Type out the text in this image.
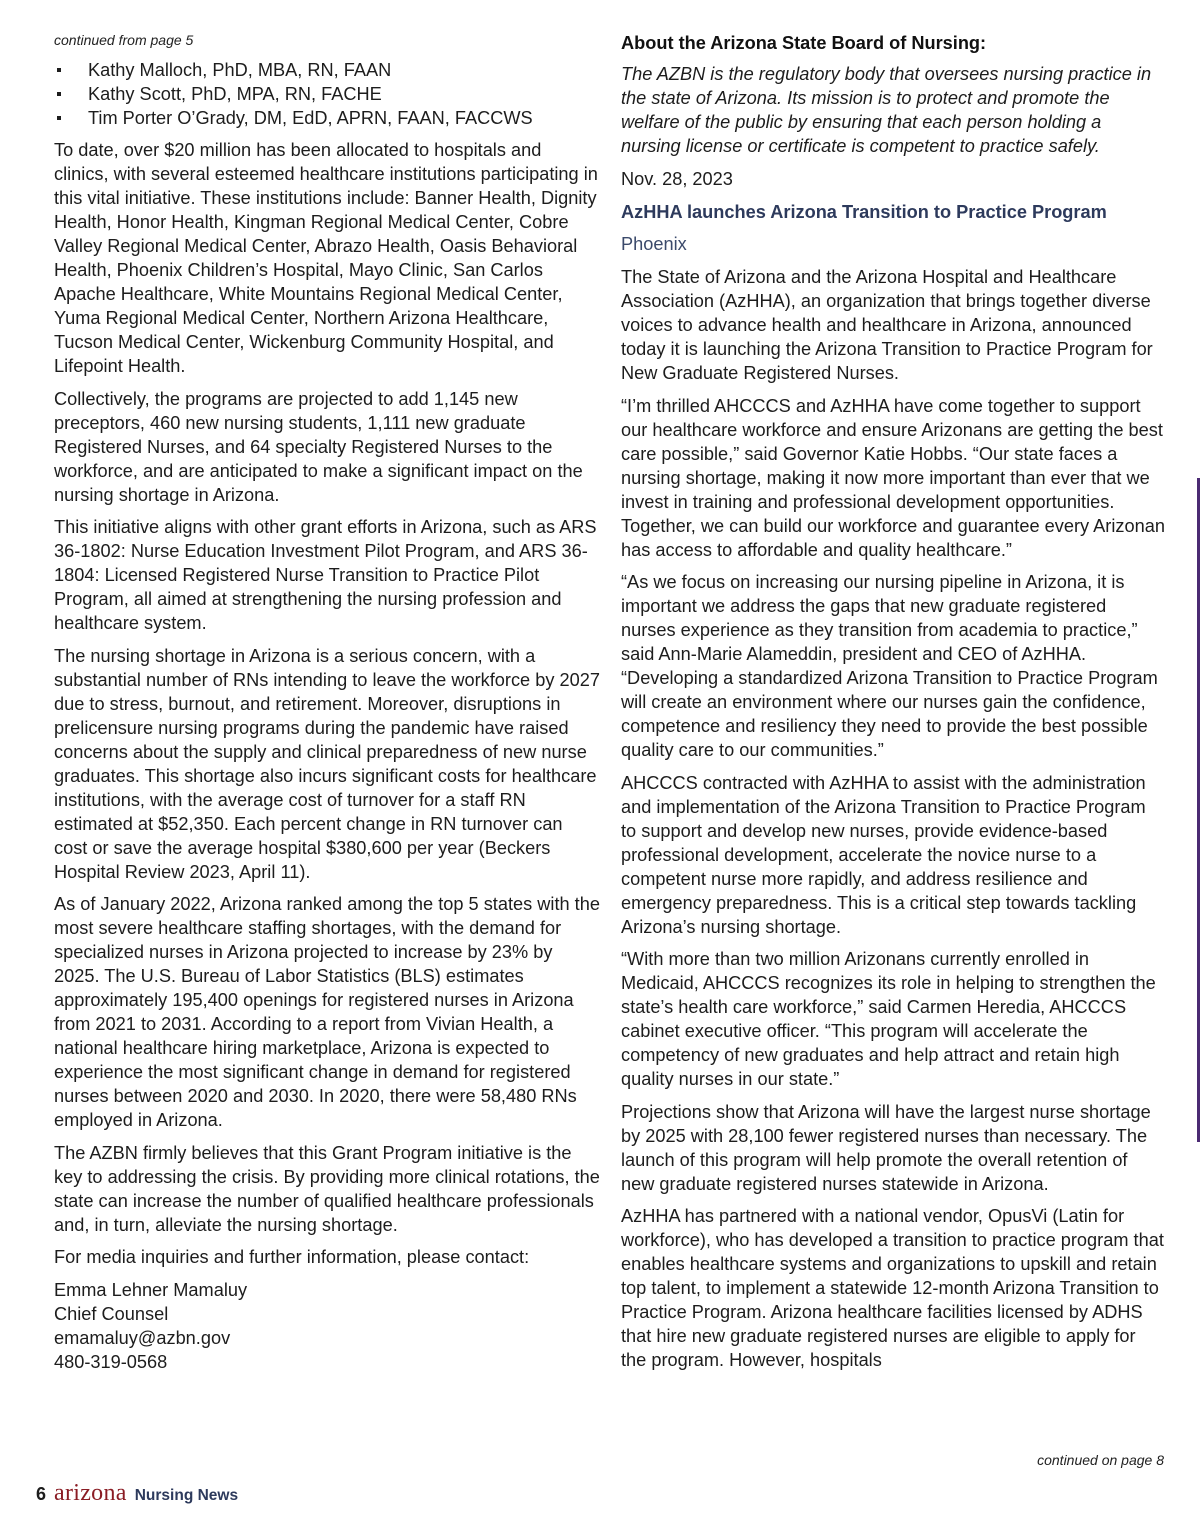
continued from page 5
Kathy Malloch, PhD, MBA, RN, FAAN
Kathy Scott, PhD, MPA, RN, FACHE
Tim Porter O’Grady, DM, EdD, APRN, FAAN, FACCWS

To date, over $20 million has been allocated to hospitals and clinics, with several esteemed healthcare institutions participating in this vital initiative. These institutions include: Banner Health, Dignity Health, Honor Health, Kingman Regional Medical Center, Cobre Valley Regional Medical Center, Abrazo Health, Oasis Behavioral Health, Phoenix Children’s Hospital, Mayo Clinic, San Carlos Apache Healthcare, White Mountains Regional Medical Center, Yuma Regional Medical Center, Northern Arizona Healthcare, Tucson Medical Center, Wickenburg Community Hospital, and Lifepoint Health.

Collectively, the programs are projected to add 1,145 new preceptors, 460 new nursing students, 1,111 new graduate Registered Nurses, and 64 specialty Registered Nurses to the workforce, and are anticipated to make a significant impact on the nursing shortage in Arizona.

This initiative aligns with other grant efforts in Arizona, such as ARS 36-1802: Nurse Education Investment Pilot Program, and ARS 36-1804: Licensed Registered Nurse Transition to Practice Pilot Program, all aimed at strengthening the nursing profession and healthcare system.

The nursing shortage in Arizona is a serious concern, with a substantial number of RNs intending to leave the workforce by 2027 due to stress, burnout, and retirement. Moreover, disruptions in prelicensure nursing programs during the pandemic have raised concerns about the supply and clinical preparedness of new nurse graduates. This shortage also incurs significant costs for healthcare institutions, with the average cost of turnover for a staff RN estimated at $52,350. Each percent change in RN turnover can cost or save the average hospital $380,600 per year (Beckers Hospital Review 2023, April 11).

As of January 2022, Arizona ranked among the top 5 states with the most severe healthcare staffing shortages, with the demand for specialized nurses in Arizona projected to increase by 23% by 2025. The U.S. Bureau of Labor Statistics (BLS) estimates approximately 195,400 openings for registered nurses in Arizona from 2021 to 2031. According to a report from Vivian Health, a national healthcare hiring marketplace, Arizona is expected to experience the most significant change in demand for registered nurses between 2020 and 2030. In 2020, there were 58,480 RNs employed in Arizona.

The AZBN firmly believes that this Grant Program initiative is the key to addressing the crisis. By providing more clinical rotations, the state can increase the number of qualified healthcare professionals and, in turn, alleviate the nursing shortage.

For media inquiries and further information, please contact:

Emma Lehner Mamaluy

Chief Counsel

emamaluy@azbn.gov

480-319-0568

About the Arizona State Board of Nursing:

The AZBN is the regulatory body that oversees nursing practice in the state of Arizona. Its mission is to protect and promote the welfare of the public by ensuring that each person holding a nursing license or certificate is competent to practice safely.

Nov. 28, 2023

AzHHA launches Arizona Transition to Practice Program
Phoenix

The State of Arizona and the Arizona Hospital and Healthcare Association (AzHHA), an organization that brings together diverse voices to advance health and healthcare in Arizona, announced today it is launching the Arizona Transition to Practice Program for New Graduate Registered Nurses.

“I’m thrilled AHCCCS and AzHHA have come together to support our healthcare workforce and ensure Arizonans are getting the best care possible,” said Governor Katie Hobbs. “Our state faces a nursing shortage, making it now more important than ever that we invest in training and professional development opportunities. Together, we can build our workforce and guarantee every Arizonan has access to affordable and quality healthcare.”

“As we focus on increasing our nursing pipeline in Arizona, it is important we address the gaps that new graduate registered nurses experience as they transition from academia to practice,” said Ann-Marie Alameddin, president and CEO of AzHHA. “Developing a standardized Arizona Transition to Practice Program will create an environment where our nurses gain the confidence, competence and resiliency they need to provide the best possible quality care to our communities.”

AHCCCS contracted with AzHHA to assist with the administration and implementation of the Arizona Transition to Practice Program to support and develop new nurses, provide evidence-based professional development, accelerate the novice nurse to a competent nurse more rapidly, and address resilience and emergency preparedness. This is a critical step towards tackling Arizona’s nursing shortage.

“With more than two million Arizonans currently enrolled in Medicaid, AHCCCS recognizes its role in helping to strengthen the state’s health care workforce,” said Carmen Heredia, AHCCCS cabinet executive officer. “This program will accelerate the competency of new graduates and help attract and retain high quality nurses in our state.”

Projections show that Arizona will have the largest nurse shortage by 2025 with 28,100 fewer registered nurses than necessary. The launch of this program will help promote the overall retention of new graduate registered nurses statewide in Arizona.

AzHHA has partnered with a national vendor, OpusVi (Latin for workforce), who has developed a transition to practice program that enables healthcare systems and organizations to upskill and retain top talent, to implement a statewide 12-month Arizona Transition to Practice Program. Arizona healthcare facilities licensed by ADHS that hire new graduate registered nurses are eligible to apply for the program. However, hospitals

continued on page 8
6 arizona Nursing News
